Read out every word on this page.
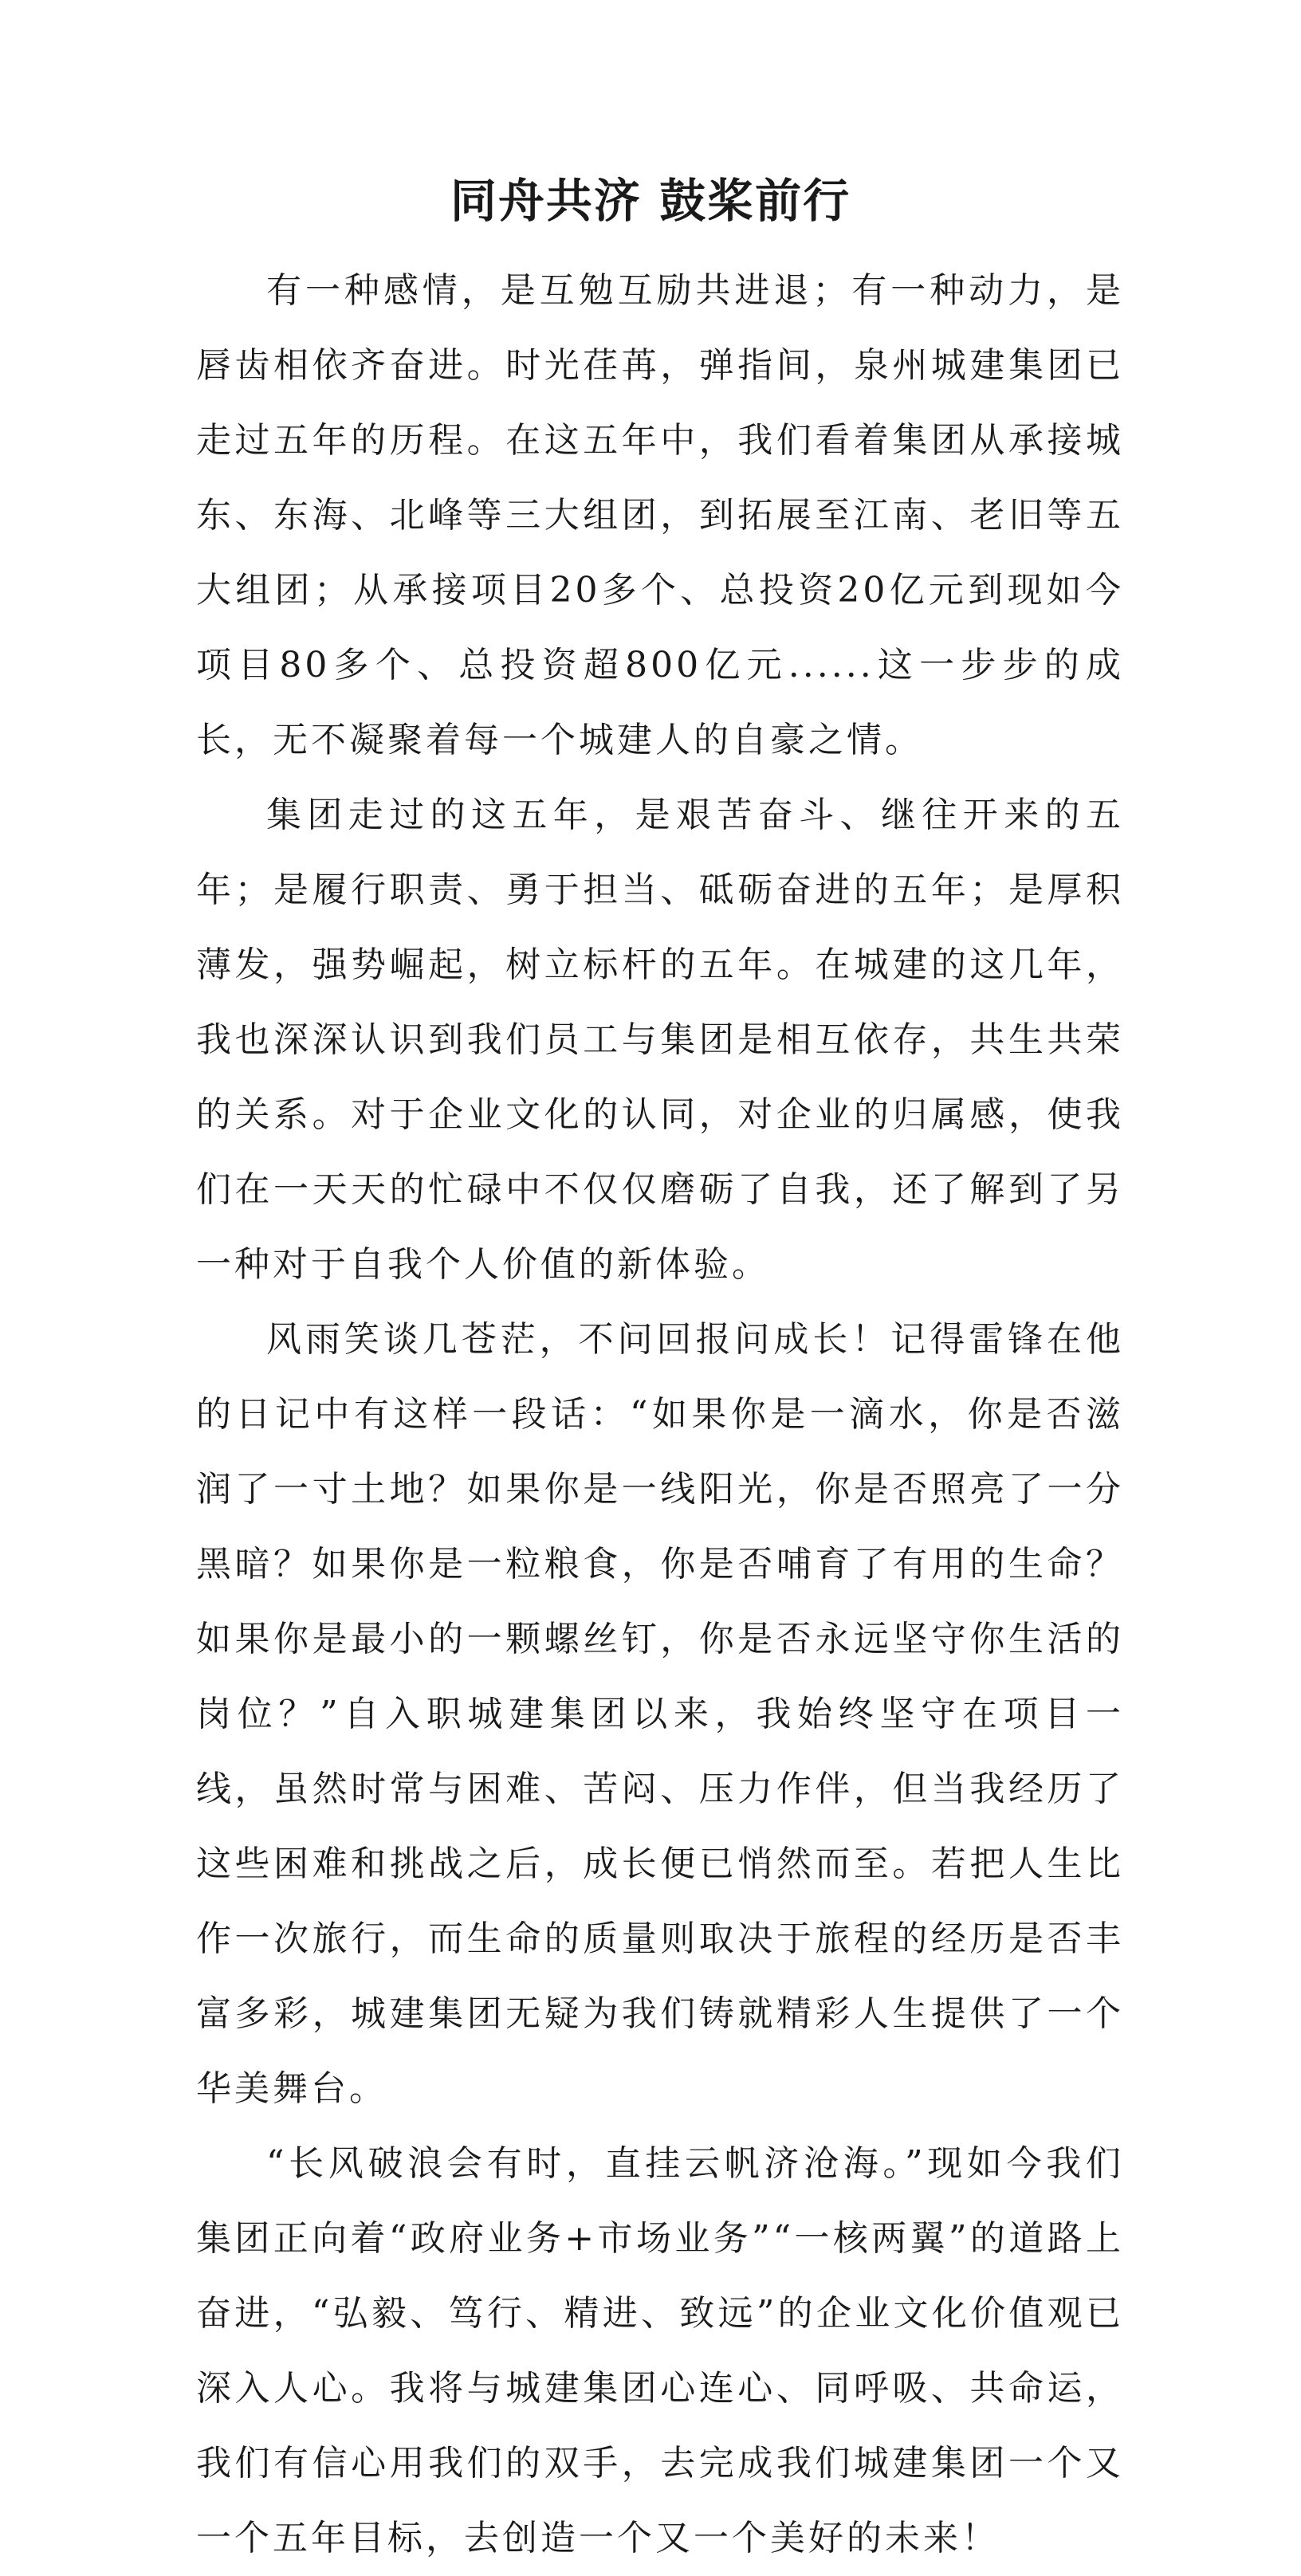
同舟共济 鼓桨前行

有一种感情，是互勉互励共进退；有一种动力，是唇齿相依齐奋进。时光荏苒，弹指间，泉州城建集团已走过五年的历程。在这五年中，我们看着集团从承接城东、东海、北峰等三大组团，到拓展至江南、老旧等五大组团；从承接项目20多个、总投资20亿元到现如今项目80多个、总投资超800亿元......这一步步的成长，无不凝聚着每一个城建人的自豪之情。

集团走过的这五年，是艰苦奋斗、继往开来的五年；是履行职责、勇于担当、砥砺奋进的五年；是厚积薄发，强势崛起，树立标杆的五年。在城建的这几年，我也深深认识到我们员工与集团是相互依存，共生共荣的关系。对于企业文化的认同，对企业的归属感，使我们在一天天的忙碌中不仅仅磨砺了自我，还了解到了另一种对于自我个人价值的新体验。

风雨笑谈几苍茫，不问回报问成长！记得雷锋在他的日记中有这样一段话：“如果你是一滴水，你是否滋润了一寸土地？如果你是一线阳光，你是否照亮了一分黑暗？如果你是一粒粮食，你是否哺育了有用的生命？如果你是最小的一颗螺丝钉，你是否永远坚守你生活的岗位？”自入职城建集团以来，我始终坚守在项目一线，虽然时常与困难、苦闷、压力作伴，但当我经历了这些困难和挑战之后，成长便已悄然而至。若把人生比作一次旅行，而生命的质量则取决于旅程的经历是否丰富多彩，城建集团无疑为我们铸就精彩人生提供了一个华美舞台。

“长风破浪会有时，直挂云帆济沧海。”现如今我们集团正向着“政府业务+市场业务”“一核两翼”的道路上奋进，“弘毅、笃行、精进、致远”的企业文化价值观已深入人心。我将与城建集团心连心、同呼吸、共命运，我们有信心用我们的双手，去完成我们城建集团一个又一个五年目标，去创造一个又一个美好的未来！
